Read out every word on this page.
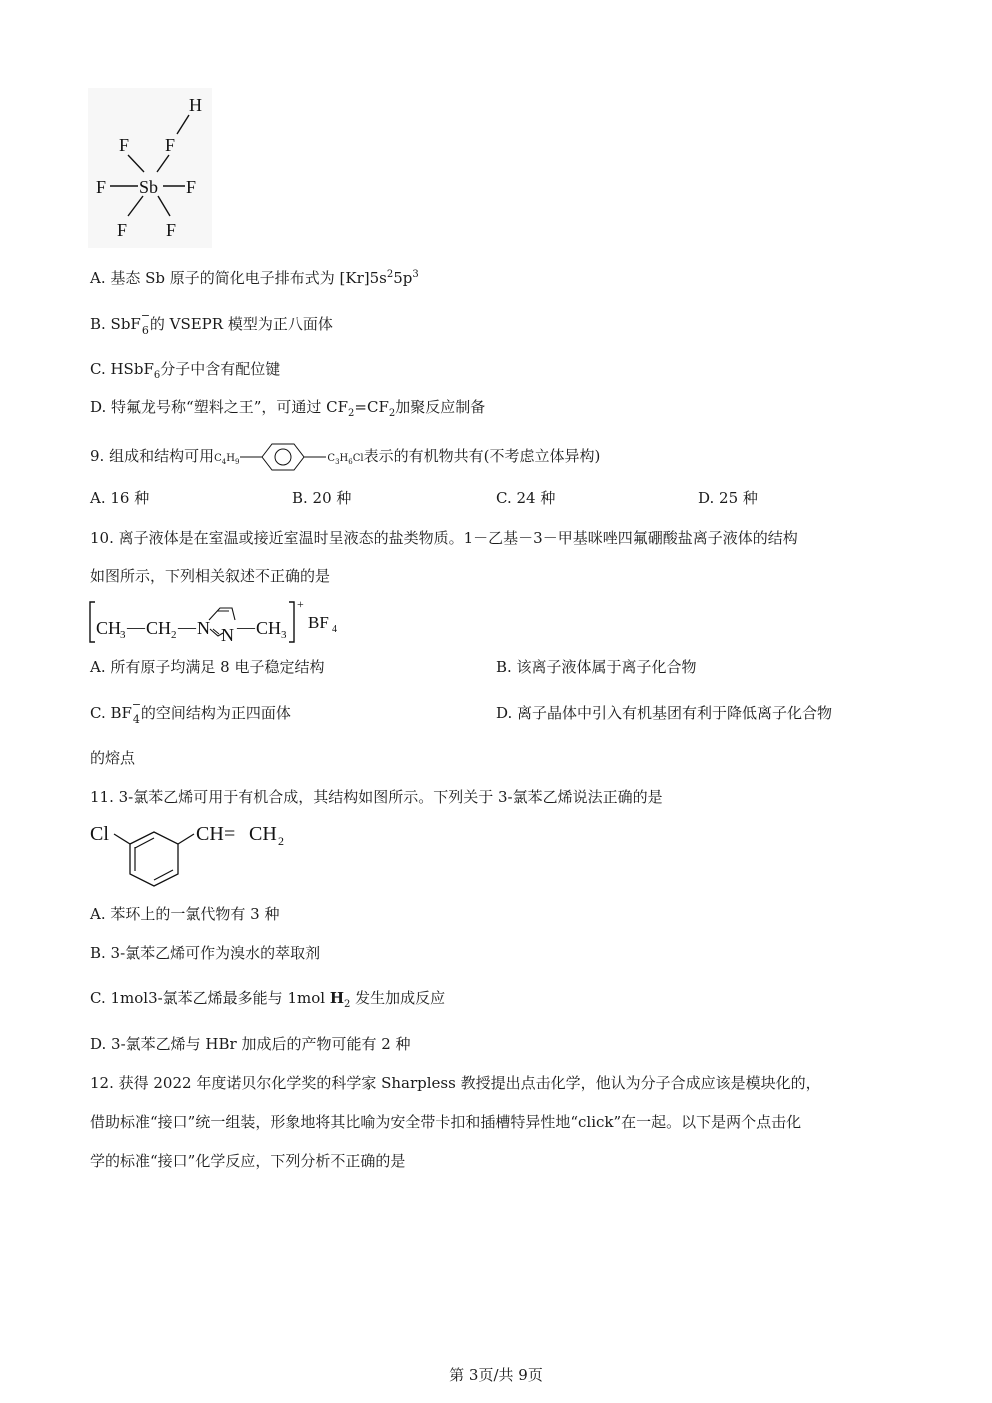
H
F F
F Sb F
F F
A. 基态 Sb 原子的简化电子排布式为 $[Kr]5s^25p^3$
B. SbF −
6 的 VSEPR 模型为正八面体
C. HSbF$_6$分子中含有配位键
D. 特氟龙号称“塑料之王”，可通过 $CF_2=CF_2$加聚反应制备
9. 组成和结构可用$C_4H_9$	$C_3H_6Cl$表示的有机物共有(不考虑立体异构)
A. 16 种	B. 20 种	C. 24 种	D. 25 种
10. 离子液体是在室温或接近室温时呈液态的盐类物质。1－乙基－3－甲基咪唑四氟硼酸盐离子液体的结构
如图所示，下列相关叙述不正确的是
CH
3 — CH 2 — N N — CH 3
+
BF 4
A. 所有原子均满足 8 电子稳定结构	B. 该离子液体属于离子化合物
C. BF −
4 的空间结构为正四面体	D. 离子晶体中引入有机基团有利于降低离子化合物
的熔点
11. 3-氯苯乙烯可用于有机合成，其结构如图所示。下列关于 3-氯苯乙烯说法正确的是
Cl	CH = CH 2
A. 苯环上的一氯代物有 3 种
B. 3-氯苯乙烯可作为溴水的萃取剂
C. 1mol3-氯苯乙烯最多能与 1mol $H_2$ 发生加成反应
D. 3-氯苯乙烯与 HBr 加成后的产物可能有 2 种
12. 获得 2022 年度诺贝尔化学奖的科学家 Sharpless 教授提出点击化学，他认为分子合成应该是模块化的，
借助标准“接口”统一组装，形象地将其比喻为安全带卡扣和插槽特异性地“click”在一起。以下是两个点击化
学的标准“接口”化学反应，下列分析不正确的是
第 3页/共 9页
